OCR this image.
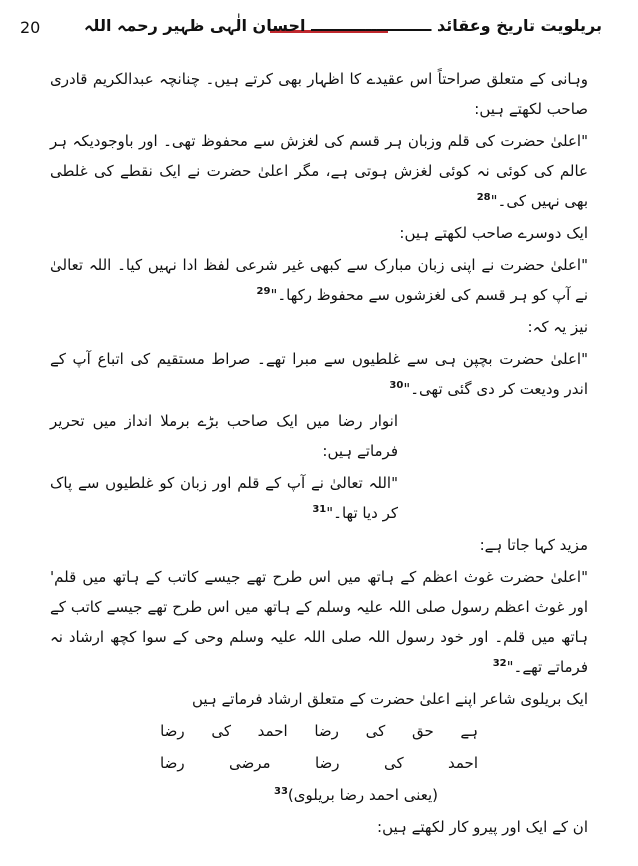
20	بریلویت تاریخ وعقائد ــــــــــــــــــــــ احسان الٰہی ظہیر رحمہ اللہ

وہانی کے متعلق صراحتاً اس عقیدے کا اظہار بھی کرتے ہیں۔ چنانچہ عبدالکریم قادری صاحب لکھتے ہیں:

"اعلیٰ حضرت کی قلم وزبان ہر قسم کی لغزش سے محفوظ تھی۔ اور باوجودیکہ ہر عالم کی کوئی نہ کوئی لغزش ہوتی ہے، مگر اعلیٰ حضرت نے ایک نقطے کی غلطی بھی نہیں کی۔"$^{28}$

ایک دوسرے صاحب لکھتے ہیں:

"اعلیٰ حضرت نے اپنی زبان مبارک سے کبھی غیر شرعی لفظ ادا نہیں کیا۔ اللہ تعالیٰ نے آپ کو ہر قسم کی لغزشوں سے محفوظ رکھا۔"$^{29}$

نیز یہ کہ:

"اعلیٰ حضرت بچپن ہی سے غلطیوں سے مبرا تھے۔ صراط مستقیم کی اتباع آپ کے اندر ودیعت کر دی گئی تھی۔"$^{30}$

انوار رضا میں ایک صاحب بڑے برملا انداز میں تحریر فرماتے ہیں:

"اللہ تعالیٰ نے آپ کے قلم اور زبان کو غلطیوں سے پاک کر دیا تھا۔"$^{31}$

مزید کہا جاتا ہے:

"اعلیٰ حضرت غوث اعظم کے ہاتھ میں اس طرح تھے جیسے کاتب کے ہاتھ میں قلم' اور غوث اعظم رسول صلی اللہ علیہ وسلم کے ہاتھ میں اس طرح تھے جیسے کاتب کے ہاتھ میں قلم۔ اور خود رسول اللہ صلی اللہ علیہ وسلم وحی کے سوا کچھ ارشاد نہ فرماتے تھے۔"$^{32}$

ایک بریلوی شاعر اپنے اعلیٰ حضرت کے متعلق ارشاد فرماتے ہیں

ہے
حق
کی
رضا
احمد
کی
رضا
احمد
کی
رضا
مرضی
رضا

(یعنی احمد رضا بریلوی)$^{33}$

ان کے ایک اور پیرو کار لکھتے ہیں:
